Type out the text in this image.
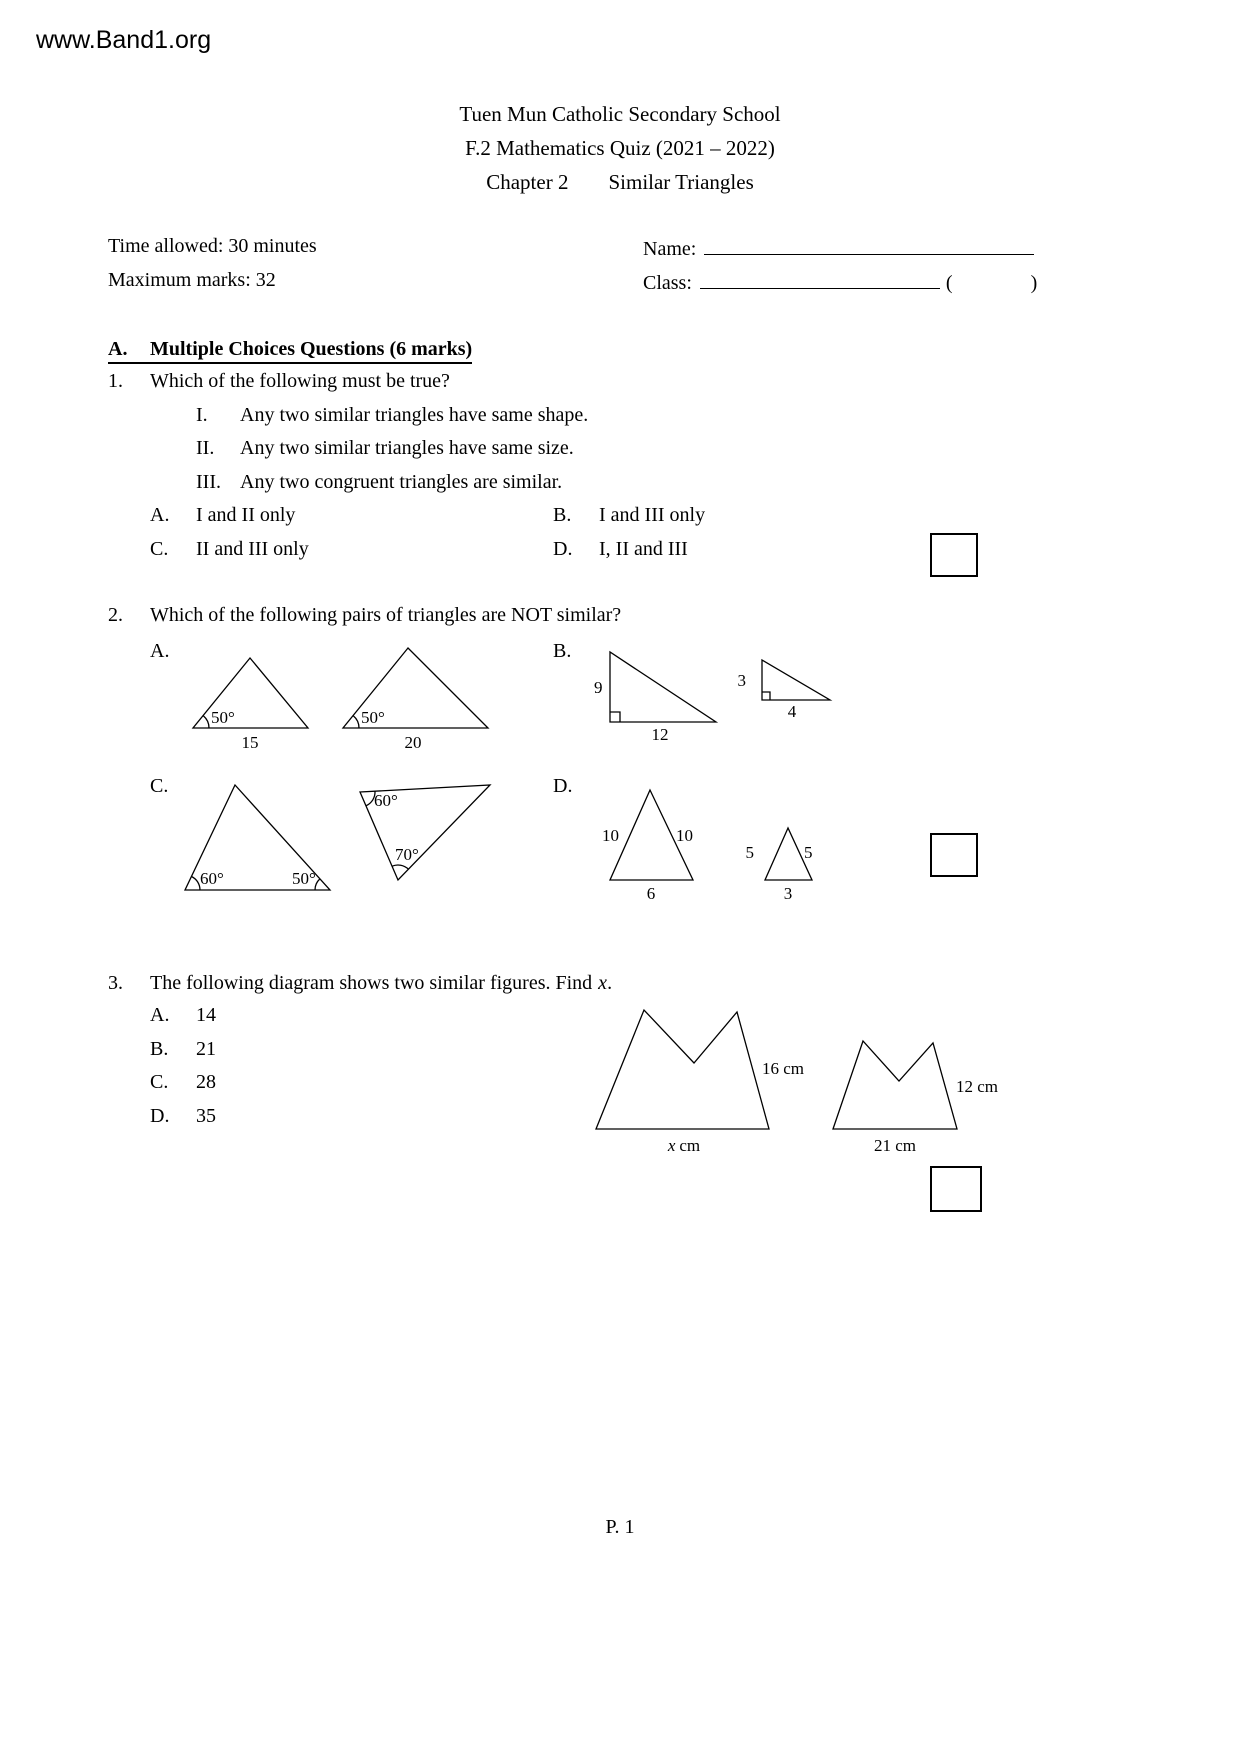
www.Band1.org
Tuen Mun Catholic Secondary School
F.2 Mathematics Quiz (2021 – 2022)
Chapter 2 Similar Triangles
Time allowed: 30 minutes
Maximum marks: 32
Name:
Class:	(	)
A. Multiple Choices Questions (6 marks)
1. Which of the following must be true?
I. Any two similar triangles have same shape.
II. Any two similar triangles have same size.
III. Any two congruent triangles are similar.
A. I and II only	B. I and III only
C. II and III only	D. I, II and III
2. Which of the following pairs of triangles are NOT similar?
A.	B.
50°
15
50°
20
9
12
3
4
C.	D.
60°	50°
60°
70°
10	10
6
5	5
3
3. The following diagram shows two similar figures. Find x.
A. 14
B. 21
C. 28
D. 35
16 cm
x cm
12 cm
21 cm
P. 1
